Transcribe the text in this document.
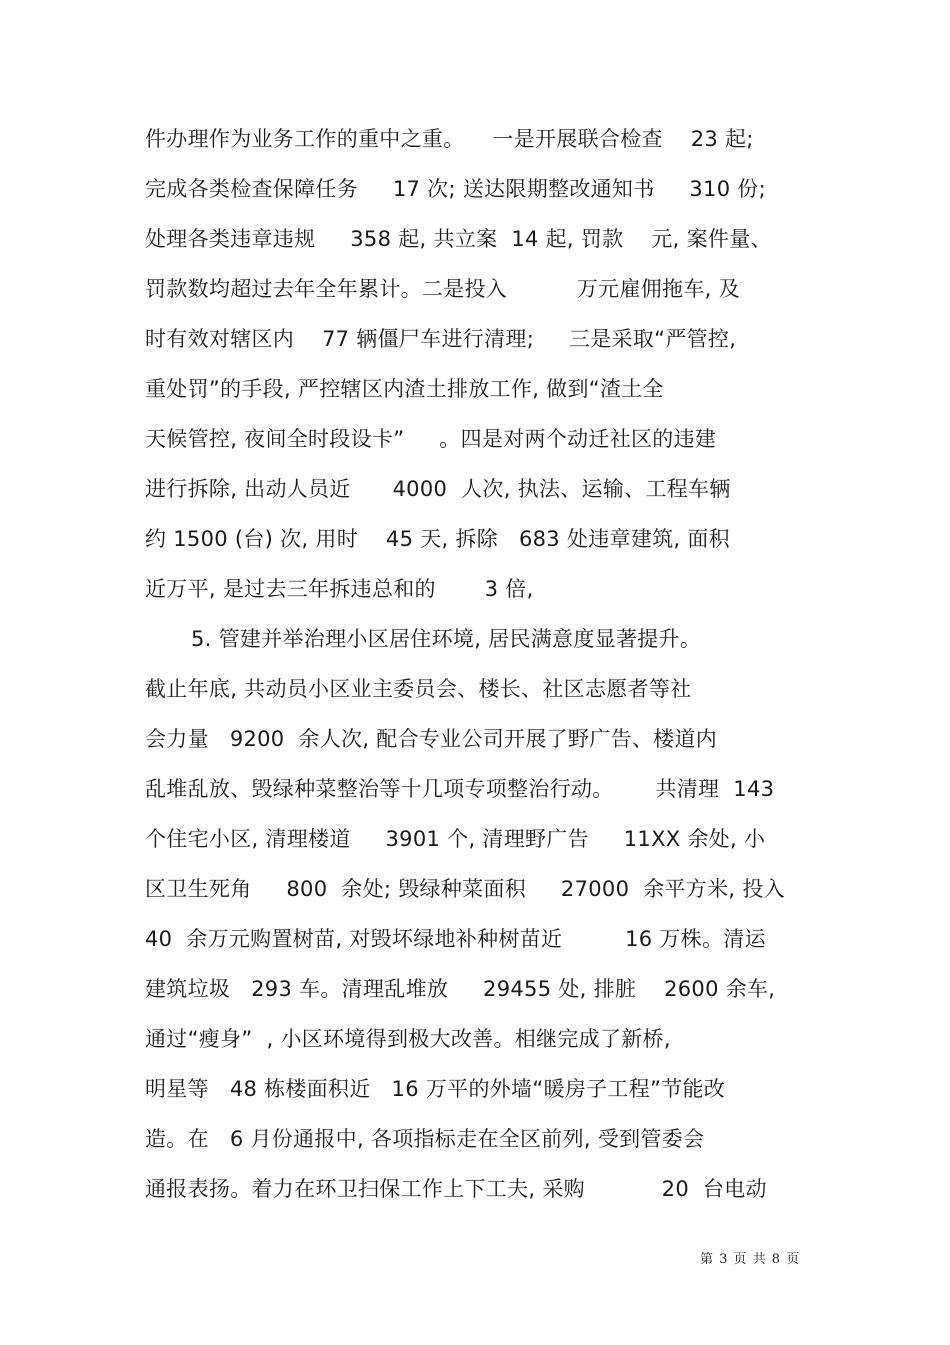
件办理作为业务工作的重中之重。    一是开展联合检查    23 起;
完成各类检查保障任务     17 次; 送达限期整改通知书     310 份;
处理各类违章违规     358 起, 共立案  14 起, 罚款    元, 案件量、
罚款数均超过去年全年累计。二是投入          万元雇佣拖车, 及
时有效对辖区内    77 辆僵尸车进行清理;     三是采取“严管控,
重处罚”的手段, 严控辖区内渣土排放工作, 做到“渣土全
天候管控, 夜间全时段设卡”     。四是对两个动迁社区的违建
进行拆除, 出动人员近      4000  人次, 执法、运输、工程车辆
约 1500 (台) 次, 用时    45 天, 拆除   683 处违章建筑, 面积
近万平, 是过去三年拆违总和的       3 倍,
5. 管建并举治理小区居住环境, 居民满意度显著提升。
截止年底, 共动员小区业主委员会、楼长、社区志愿者等社
会力量   9200  余人次, 配合专业公司开展了野广告、楼道内
乱堆乱放、毁绿种菜整治等十几项专项整治行动。      共清理  143
个住宅小区, 清理楼道     3901 个, 清理野广告     11XX 余处, 小
区卫生死角     800  余处; 毁绿种菜面积     27000  余平方米, 投入
40  余万元购置树苗, 对毁坏绿地补种树苗近         16 万株。清运
建筑垃圾   293 车。清理乱堆放     29455 处, 排脏    2600 余车,
通过“瘦身”  , 小区环境得到极大改善。相继完成了新桥,
明星等   48 栋楼面积近   16 万平的外墙“暖房子工程”节能改
造。在   6 月份通报中, 各项指标走在全区前列, 受到管委会
通报表扬。着力在环卫扫保工作上下工夫, 采购           20  台电动
第 3 页 共 8 页
